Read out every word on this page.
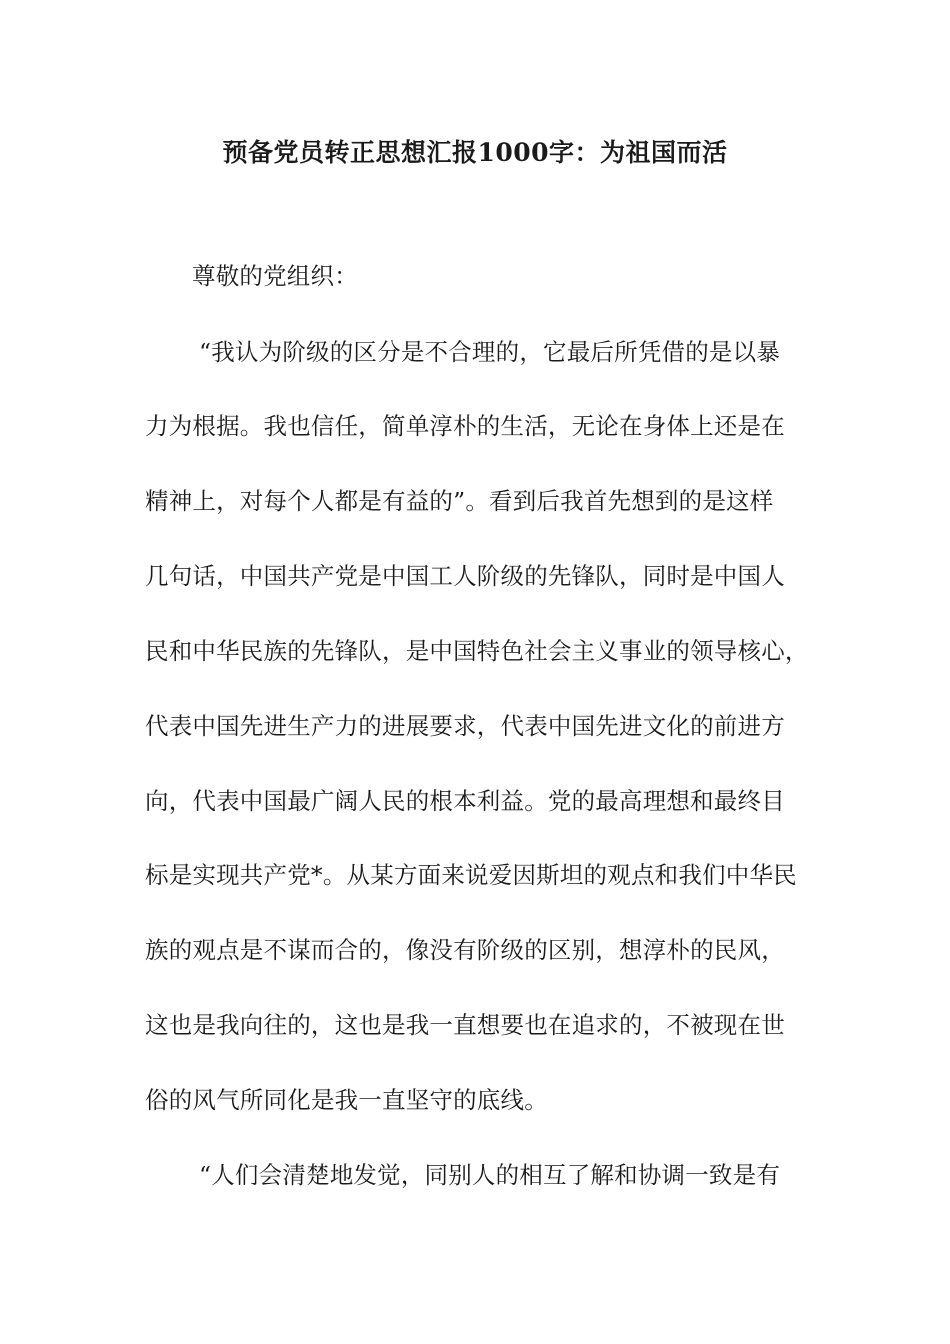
预备党员转正思想汇报1000字：为祖国而活
尊敬的党组织：
“我认为阶级的区分是不合理的，它最后所凭借的是以暴
力为根据。我也信任，简单淳朴的生活，无论在身体上还是在
精神上，对每个人都是有益的”。看到后我首先想到的是这样
几句话，中国共产党是中国工人阶级的先锋队，同时是中国人
民和中华民族的先锋队，是中国特色社会主义事业的领导核心，
代表中国先进生产力的进展要求，代表中国先进文化的前进方
向，代表中国最广阔人民的根本利益。党的最高理想和最终目
标是实现共产党*。从某方面来说爱因斯坦的观点和我们中华民
族的观点是不谋而合的，像没有阶级的区别，想淳朴的民风，
这也是我向往的，这也是我一直想要也在追求的，不被现在世
俗的风气所同化是我一直坚守的底线。
“人们会清楚地发觉，同别人的相互了解和协调一致是有
